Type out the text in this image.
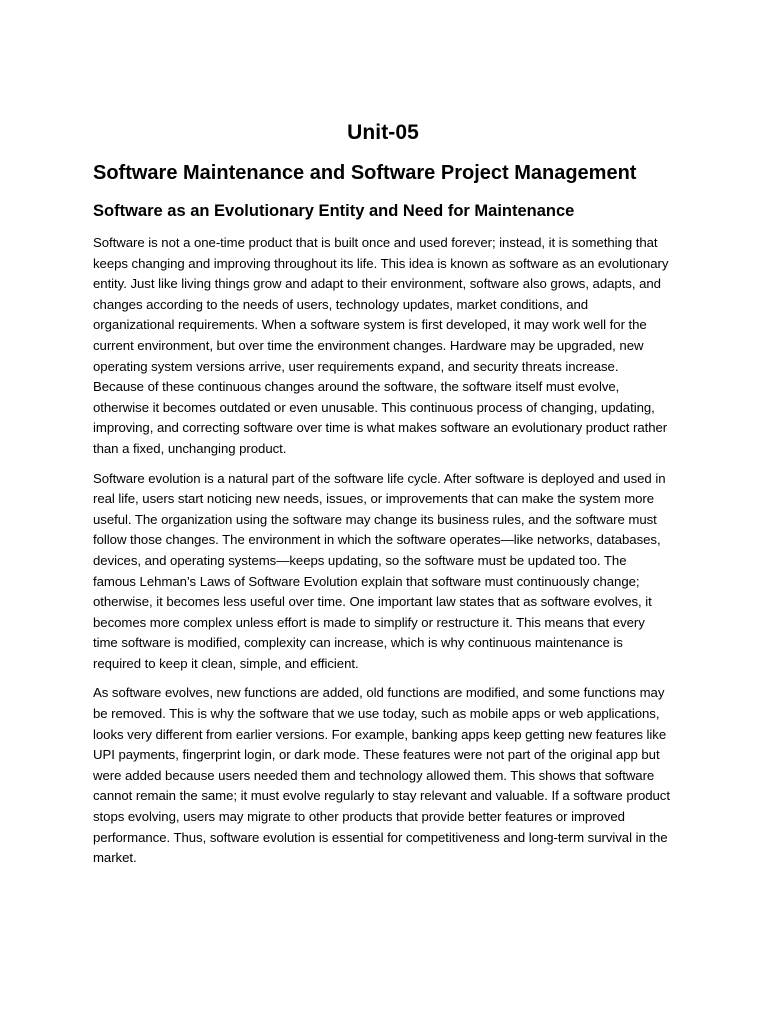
Unit-05
Software Maintenance and Software Project Management
Software as an Evolutionary Entity and Need for Maintenance

Software is not a one-time product that is built once and used forever; instead, it is something that keeps changing and improving throughout its life. This idea is known as software as an evolutionary entity. Just like living things grow and adapt to their environment, software also grows, adapts, and changes according to the needs of users, technology updates, market conditions, and organizational requirements. When a software system is first developed, it may work well for the current environment, but over time the environment changes. Hardware may be upgraded, new operating system versions arrive, user requirements expand, and security threats increase. Because of these continuous changes around the software, the software itself must evolve, otherwise it becomes outdated or even unusable. This continuous process of changing, updating, improving, and correcting software over time is what makes software an evolutionary product rather than a fixed, unchanging product.

Software evolution is a natural part of the software life cycle. After software is deployed and used in real life, users start noticing new needs, issues, or improvements that can make the system more useful. The organization using the software may change its business rules, and the software must follow those changes. The environment in which the software operates—like networks, databases, devices, and operating systems—keeps updating, so the software must be updated too. The famous Lehman’s Laws of Software Evolution explain that software must continuously change; otherwise, it becomes less useful over time. One important law states that as software evolves, it becomes more complex unless effort is made to simplify or restructure it. This means that every time software is modified, complexity can increase, which is why continuous maintenance is required to keep it clean, simple, and efficient.

As software evolves, new functions are added, old functions are modified, and some functions may be removed. This is why the software that we use today, such as mobile apps or web applications, looks very different from earlier versions. For example, banking apps keep getting new features like UPI payments, fingerprint login, or dark mode. These features were not part of the original app but were added because users needed them and technology allowed them. This shows that software cannot remain the same; it must evolve regularly to stay relevant and valuable. If a software product stops evolving, users may migrate to other products that provide better features or improved performance. Thus, software evolution is essential for competitiveness and long-term survival in the market.
